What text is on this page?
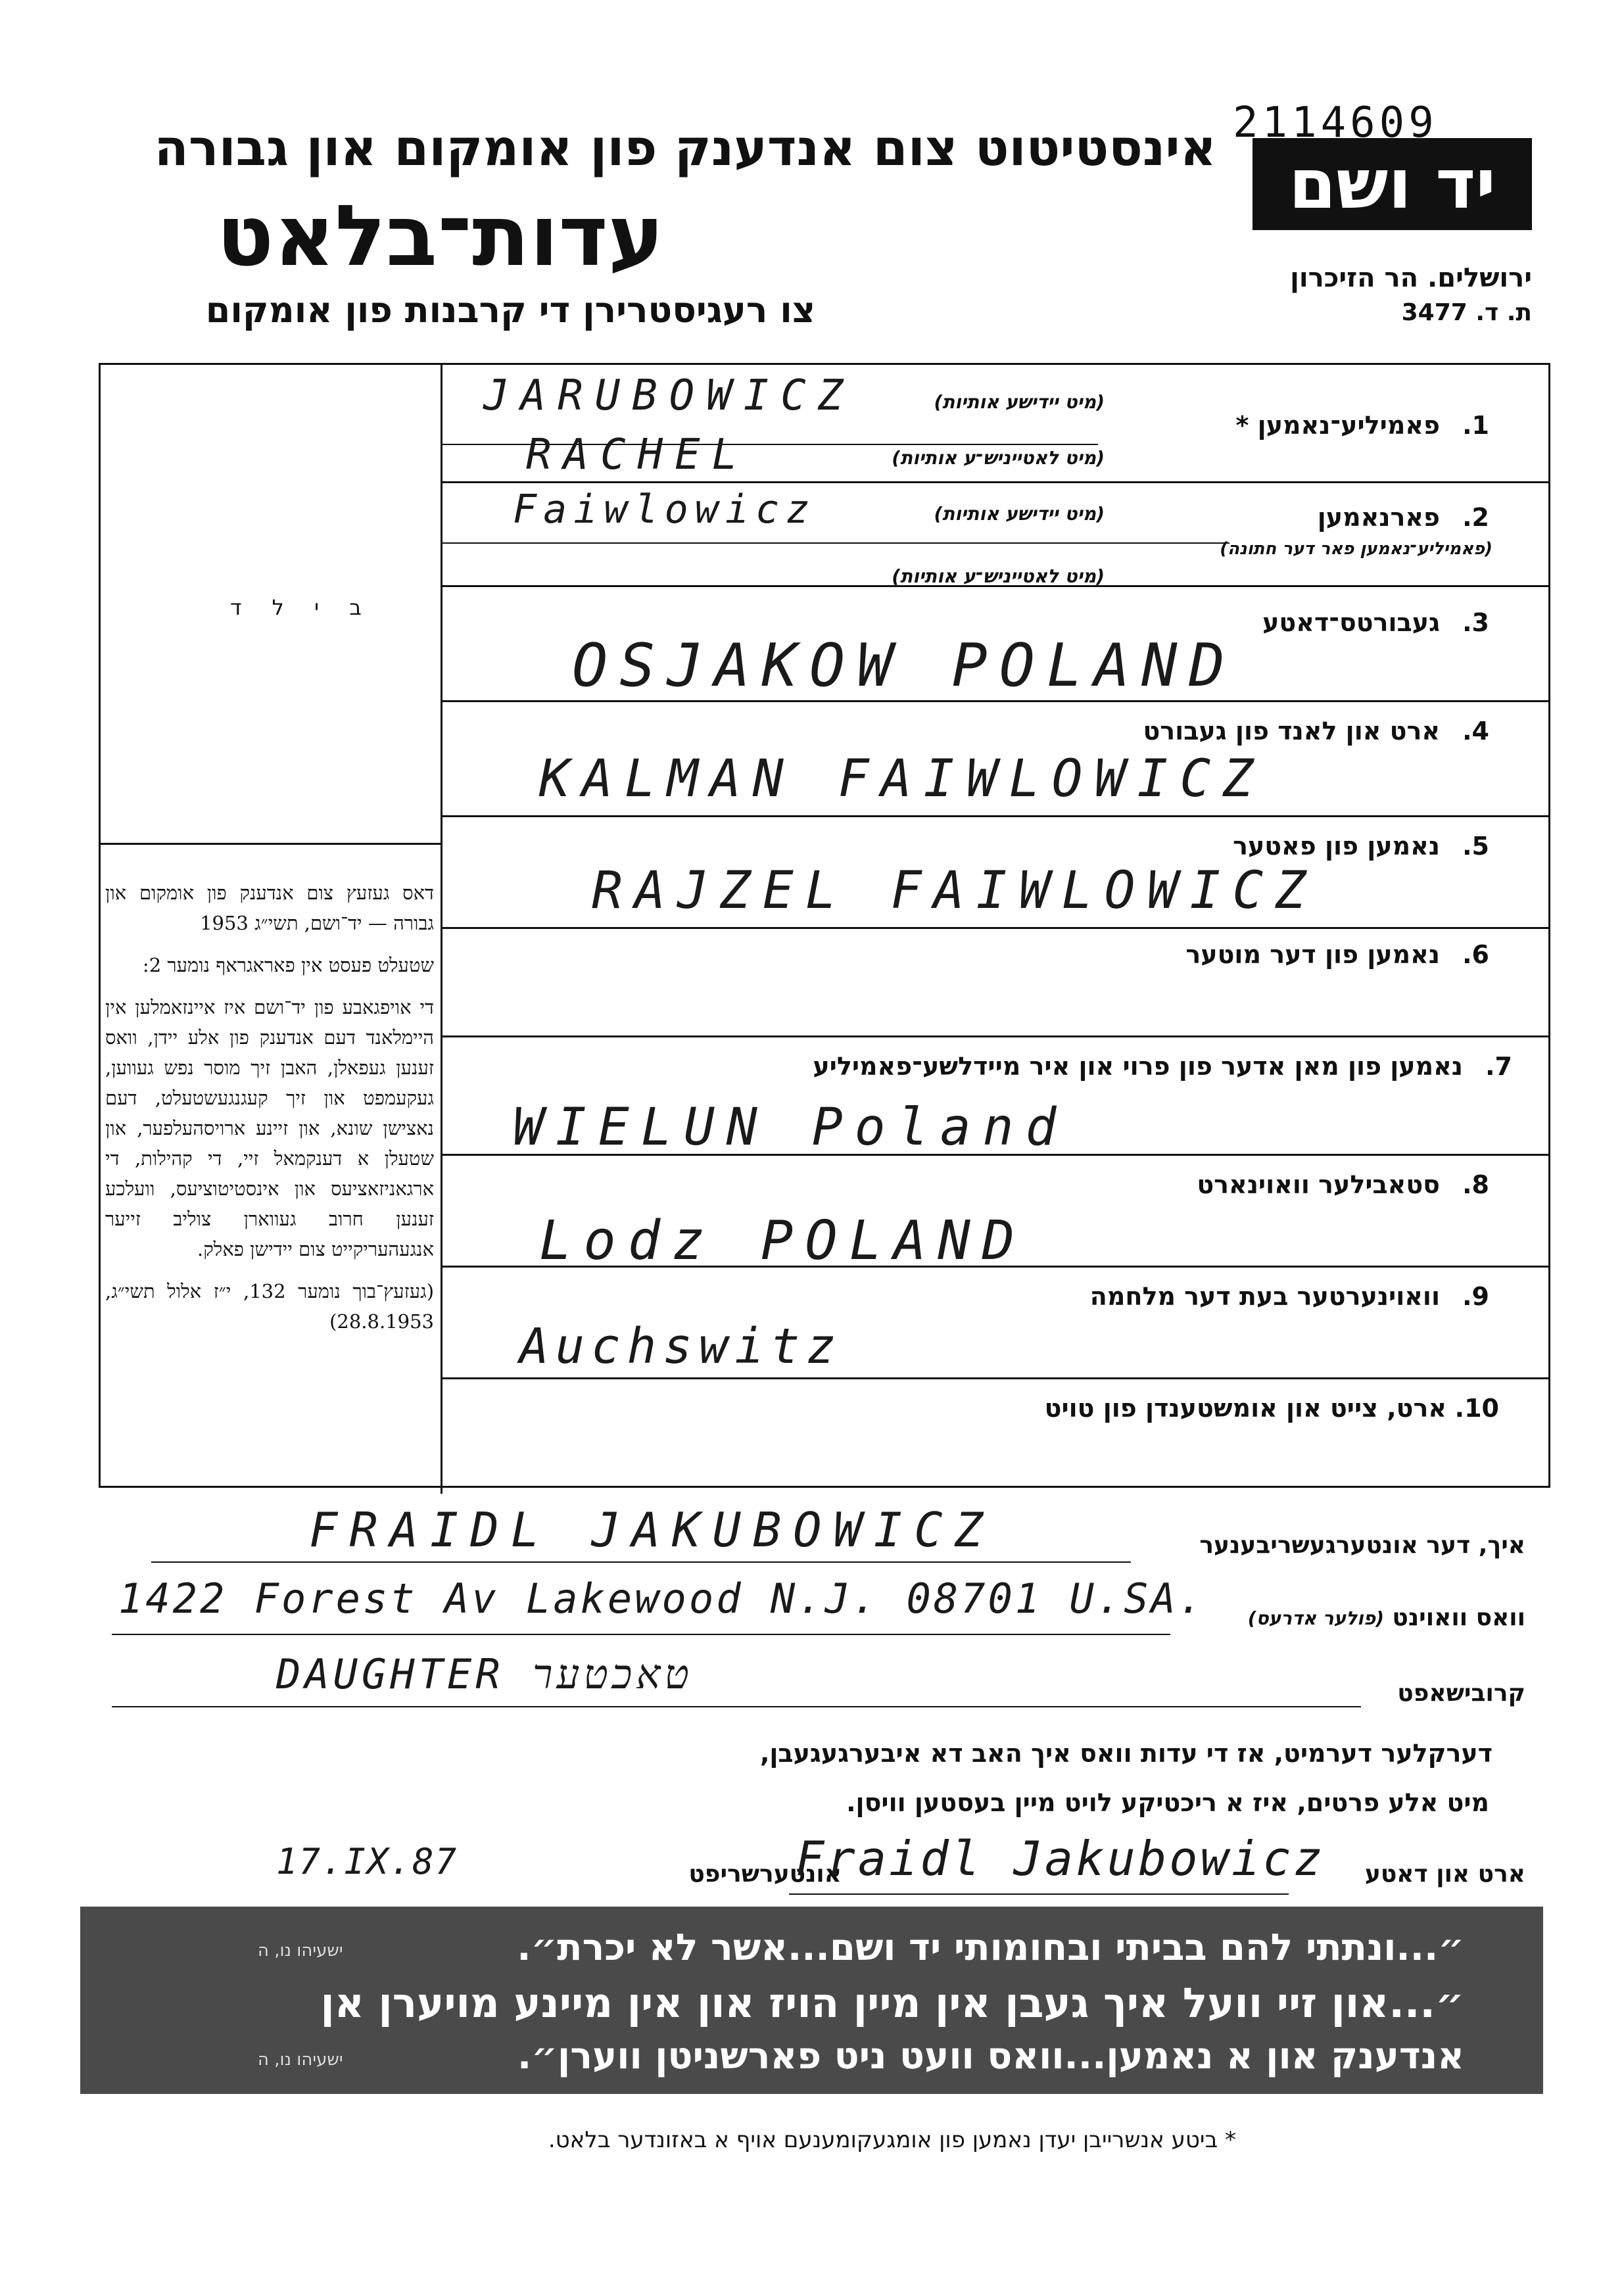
אינסטיטוט צום אנדענק פון אומקום און גבורה
עדות־בלאט
צו רעגיסטרירן די קרבנות פון אומקום
יד ושם
2114609
ירושלים. הר הזיכרון
ת. ד. 3477
ב י ל ד
1.
פאמיליע־נאמען *
(מיט יידישע אותיות)
JARUBOWICZ
(מיט לאטייניש־ע אותיות)
RACHEL
2.
פארנאמען
(פאמיליע־נאמען פאר דער חתונה)
(מיט יידישע אותיות)
Faiwlowicz
(מיט לאטייניש־ע אותיות)
3.
געבורטס־דאטע
OSJAKOW POLAND
4.
ארט און לאנד פון געבורט
KALMAN FAIWLOWICZ
5.
נאמען פון פאטער
RAJZEL FAIWLOWICZ
6.
נאמען פון דער מוטער
7.
נאמען פון מאן אדער פון פרוי און איר מיידלשע־פאמיליע
WIELUN Poland
8.
סטאבילער וואוינארט
Lodz POLAND
9.
וואוינערטער בעת דער מלחמה
Auchswitz
10.
ארט, צייט און אומשטענדן פון טויט

דאס געזעץ צום אנדענק פון אומקום און גבורה — יד־ושם, תשי״ג 1953

שטעלט פעסט אין פאראגראף נומער 2:

די אויפגאבע פון יד־ושם איז איינזאמלען אין היימלאנד דעם אנדענק פון אלע יידן, וואס זענען געפאלן, האבן זיך מוסר נפש געווען, געקעמפט און זיך קעגנגעשטעלט, דעם נאצישן שונא, און זיינע ארויסהעלפער, און שטעלן א דענקמאל זיי, די קהילות, די ארגאניזאציעס און אינסטיטוציעס, וועלכע זענען חרוב געווארן צוליב זייער אנגעהעריקייט צום יידישן פאלק.

(געזעץ־בוך נומער 132, י״ז אלול תשי״ג, 28.8.1953)

איך, דער אונטערגעשריבענער
FRAIDL JAKUBOWICZ
וואס וואוינט
(פולער אדרעס)
1422 Forest Av Lakewood N.J. 08701 U.SA.
קרובישאפט
DAUGHTER טאכטער
דערקלער דערמיט, אז די עדות וואס איך האב דא איבערגעגעבן,
מיט אלע פרטים, איז א ריכטיקע לויט מיין בעסטען וויסן.
ארט און דאטע
17.IX.87	אונטערשריפט
Fraidl Jakubowicz
״...ונתתי להם בביתי ובחומותי יד ושם...אשר לא יכרת״.
ישעיהו נו, ה
״...און זיי וועל איך געבן אין מיין הויז און אין מיינע מויערן אן
אנדענק און א נאמען...וואס וועט ניט פארשניטן ווערן״.
ישעיהו נו, ה
* ביטע אנשרייבן יעדן נאמען פון אומגעקומענעם אויף א באזונדער בלאט.
